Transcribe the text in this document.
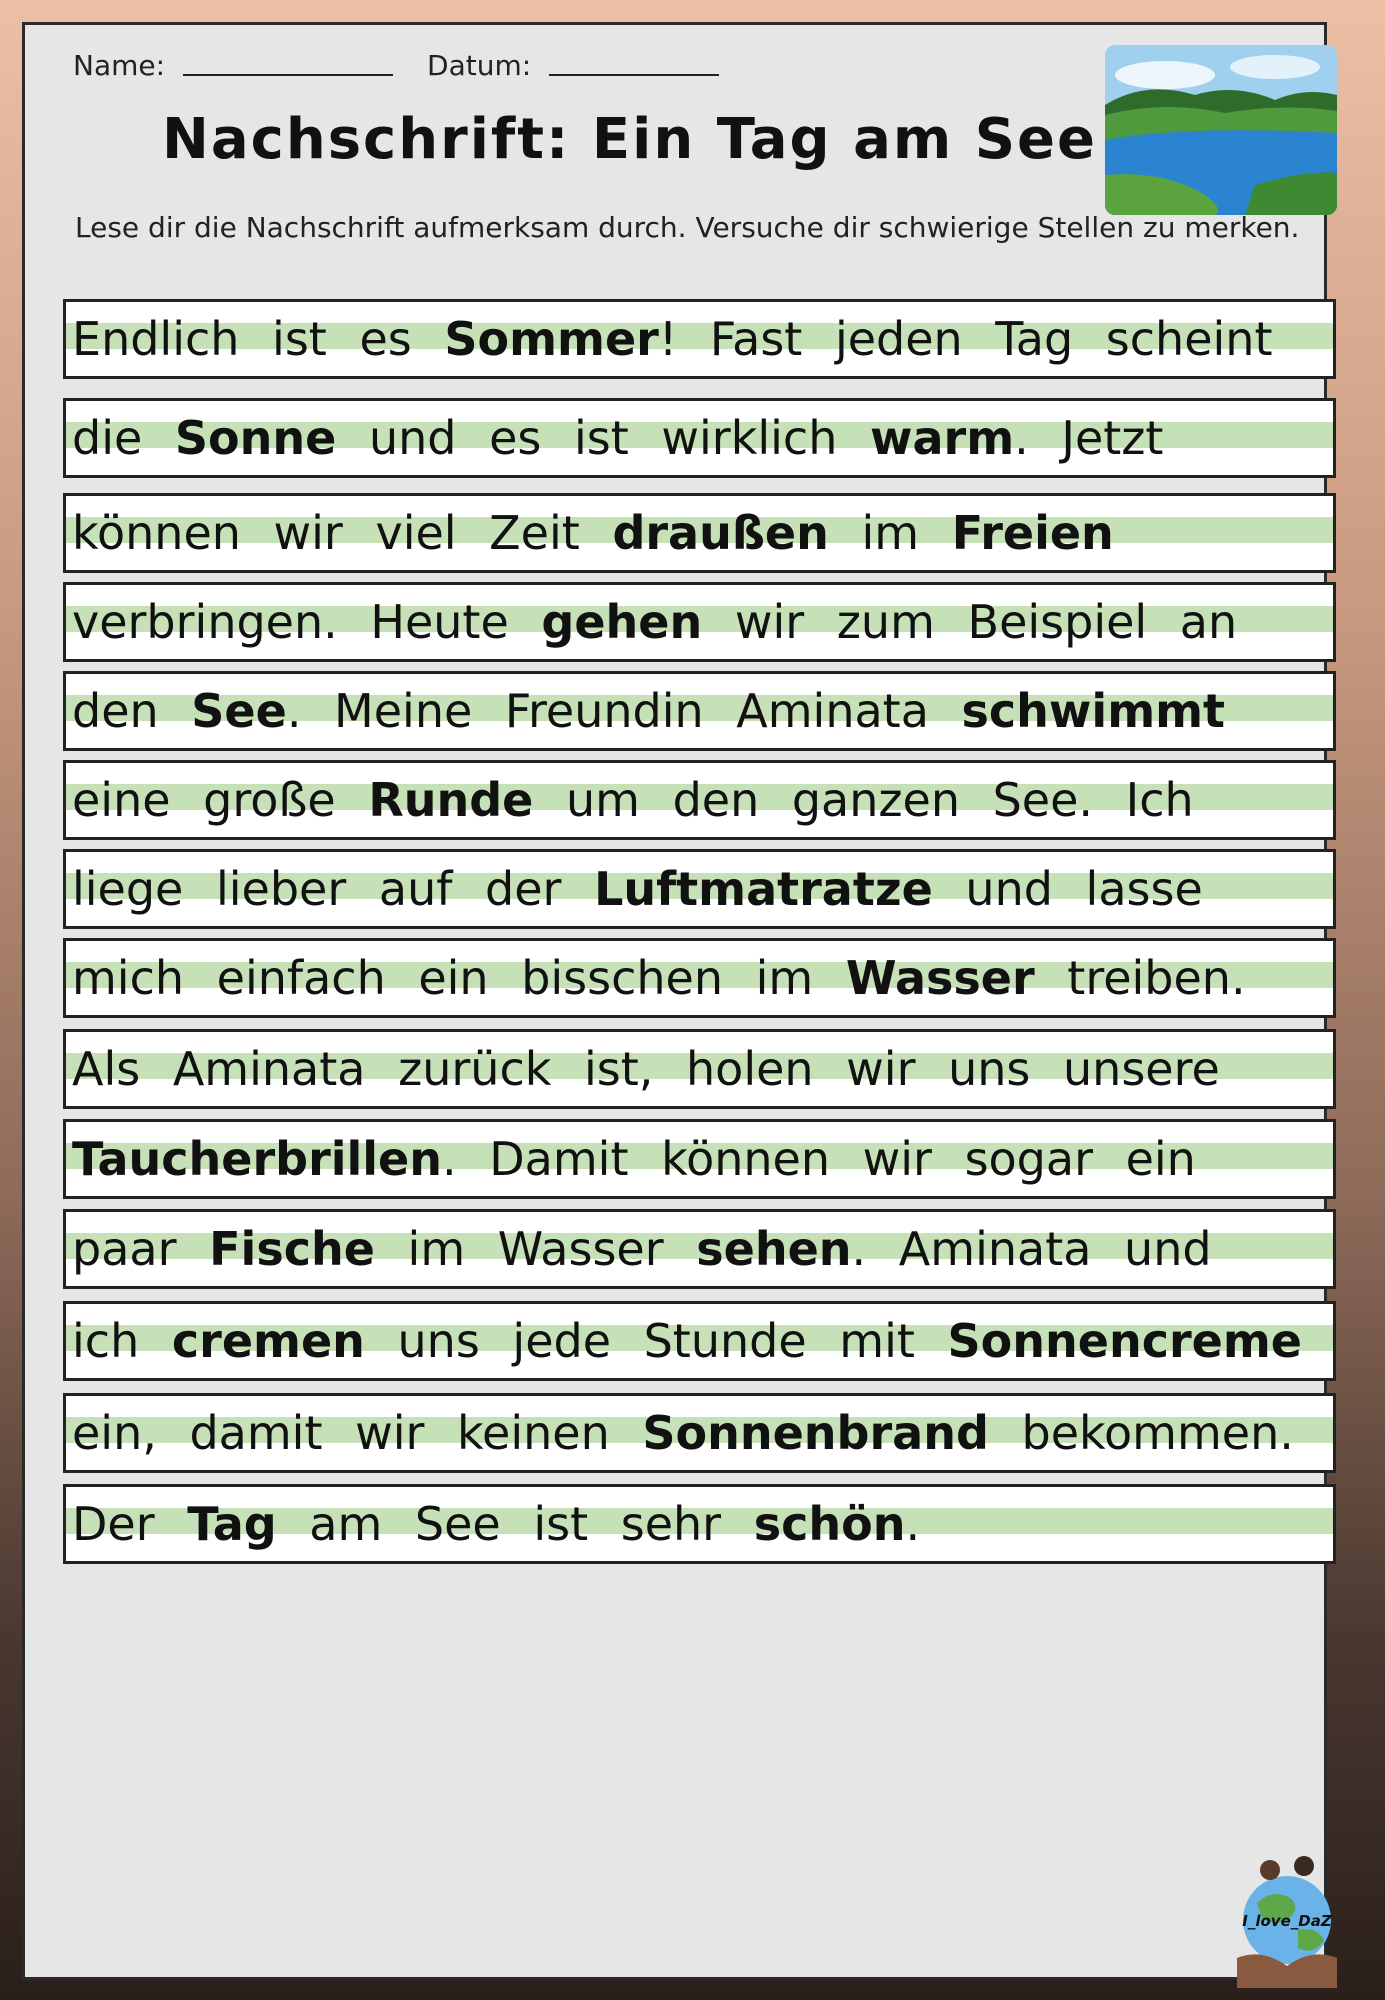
Name:	Datum:
Nachschrift: Ein Tag am See
Lese dir die Nachschrift aufmerksam durch. Versuche dir schwierige Stellen zu merken.
Endlich ist es Sommer! Fast jeden Tag scheint
die Sonne und es ist wirklich warm. Jetzt
können wir viel Zeit draußen im Freien
verbringen. Heute gehen wir zum Beispiel an
den See. Meine Freundin Aminata schwimmt
eine große Runde um den ganzen See. Ich
liege lieber auf der Luftmatratze und lasse
mich einfach ein bisschen im Wasser treiben.
Als Aminata zurück ist, holen wir uns unsere
Taucherbrillen. Damit können wir sogar ein
paar Fische im Wasser sehen. Aminata und
ich cremen uns jede Stunde mit Sonnencreme
ein, damit wir keinen Sonnenbrand bekommen.
Der Tag am See ist sehr schön.
I_love_DaZ
